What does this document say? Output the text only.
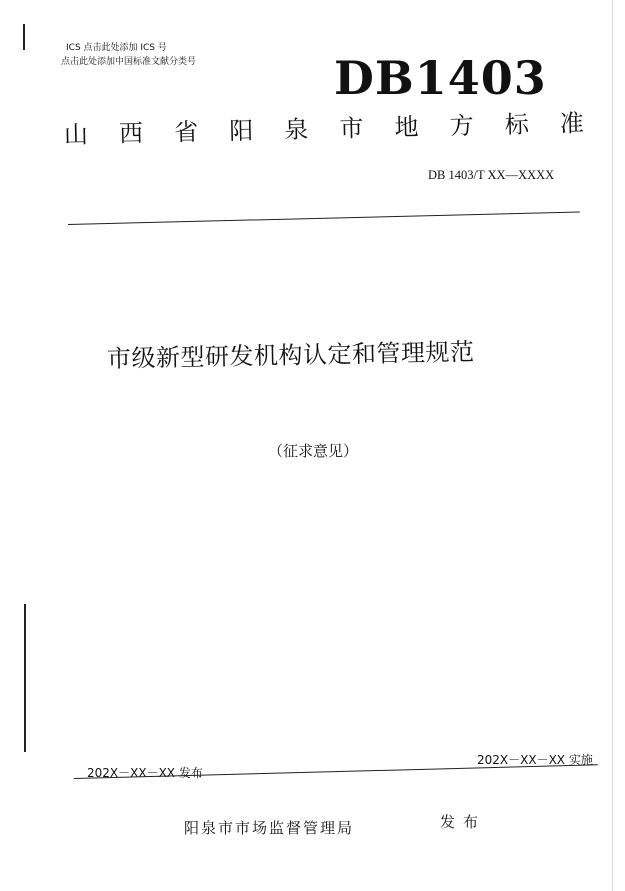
ICS 点击此处添加 ICS 号
点击此处添加中国标准文献分类号	DB1403
山 西 省 阳 泉 市 地 方 标 准
DB 1403/T XX—XXXX
市级新型研发机构认定和管理规范
（征求意见）
202X－XX－XX 实施
202X－XX－XX 发布
阳泉市市场监督管理局	发布
